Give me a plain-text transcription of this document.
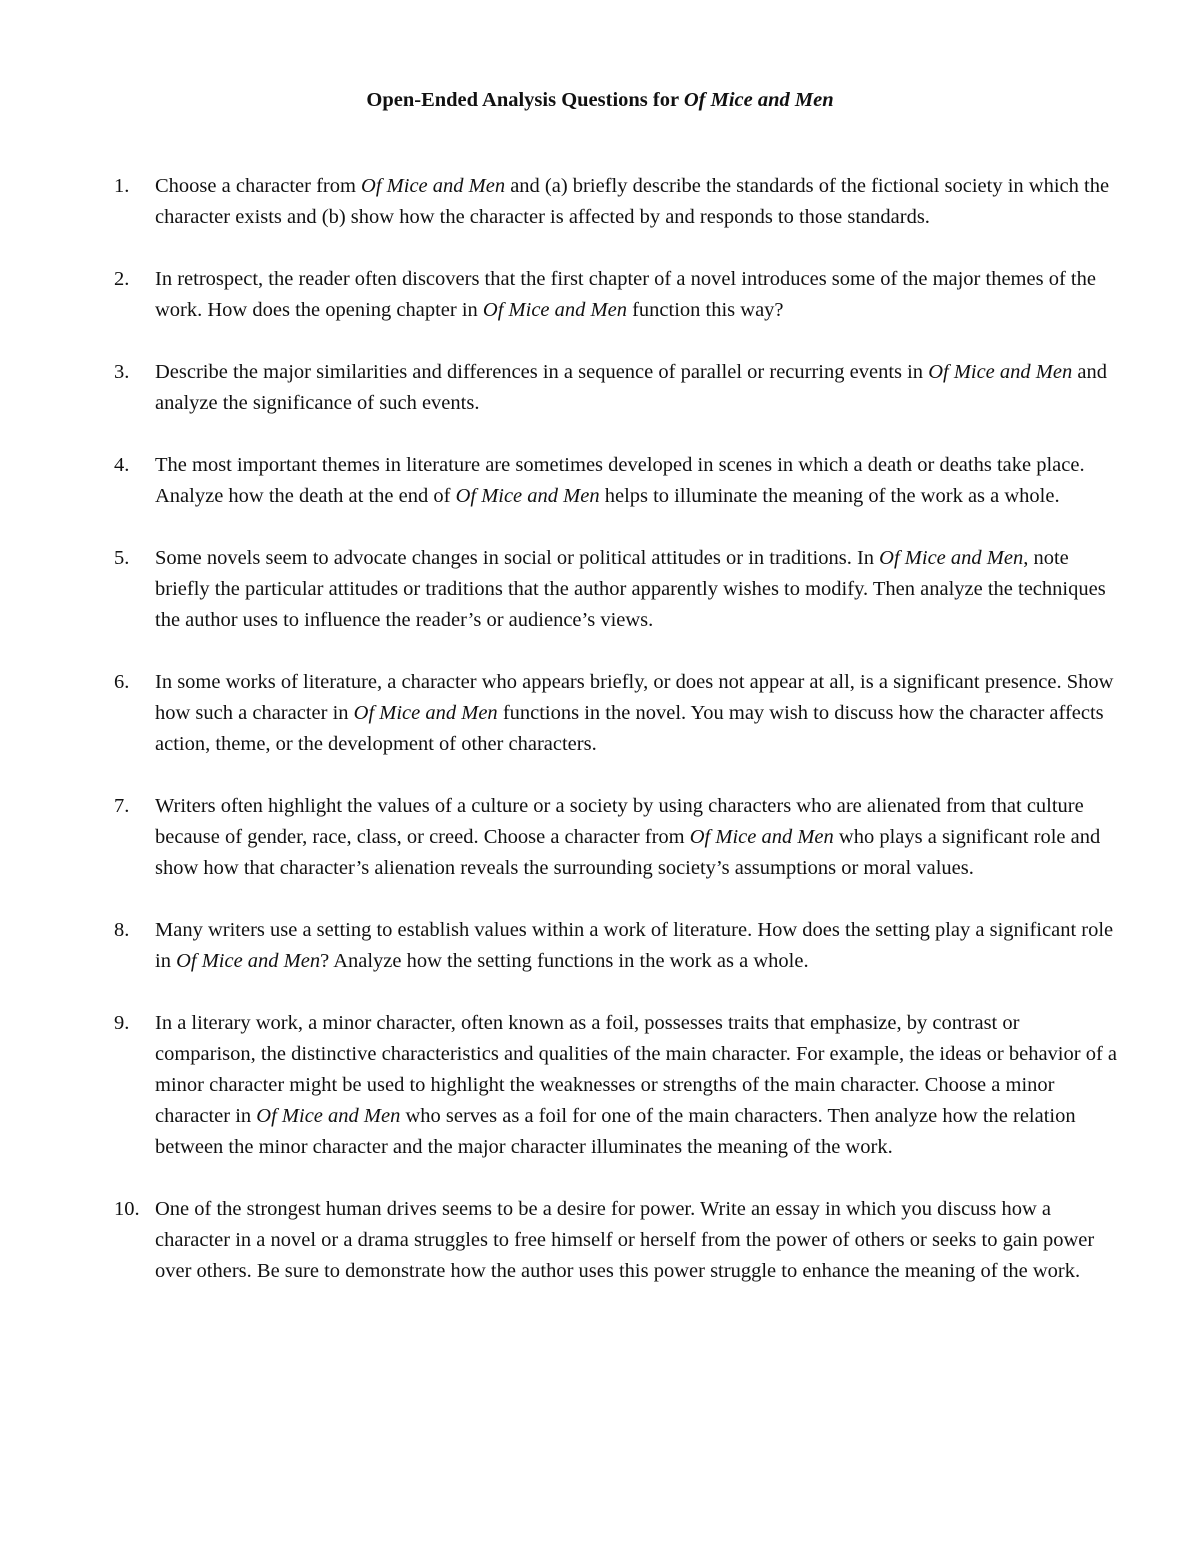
Open-Ended Analysis Questions for Of Mice and Men
1. Choose a character from Of Mice and Men and (a) briefly describe the standards of the fictional society in which the character exists and (b) show how the character is affected by and responds to those standards.
2. In retrospect, the reader often discovers that the first chapter of a novel introduces some of the major themes of the work. How does the opening chapter in Of Mice and Men function this way?
3. Describe the major similarities and differences in a sequence of parallel or recurring events in Of Mice and Men and analyze the significance of such events.
4. The most important themes in literature are sometimes developed in scenes in which a death or deaths take place. Analyze how the death at the end of Of Mice and Men helps to illuminate the meaning of the work as a whole.
5. Some novels seem to advocate changes in social or political attitudes or in traditions. In Of Mice and Men, note briefly the particular attitudes or traditions that the author apparently wishes to modify. Then analyze the techniques the author uses to influence the reader’s or audience’s views.
6. In some works of literature, a character who appears briefly, or does not appear at all, is a significant presence. Show how such a character in Of Mice and Men functions in the novel. You may wish to discuss how the character affects action, theme, or the development of other characters.
7. Writers often highlight the values of a culture or a society by using characters who are alienated from that culture because of gender, race, class, or creed. Choose a character from Of Mice and Men who plays a significant role and show how that character’s alienation reveals the surrounding society’s assumptions or moral values.
8. Many writers use a setting to establish values within a work of literature. How does the setting play a significant role in Of Mice and Men? Analyze how the setting functions in the work as a whole.
9. In a literary work, a minor character, often known as a foil, possesses traits that emphasize, by contrast or comparison, the distinctive characteristics and qualities of the main character. For example, the ideas or behavior of a minor character might be used to highlight the weaknesses or strengths of the main character. Choose a minor character in Of Mice and Men who serves as a foil for one of the main characters. Then analyze how the relation between the minor character and the major character illuminates the meaning of the work.
10. One of the strongest human drives seems to be a desire for power. Write an essay in which you discuss how a character in a novel or a drama struggles to free himself or herself from the power of others or seeks to gain power over others. Be sure to demonstrate how the author uses this power struggle to enhance the meaning of the work.
